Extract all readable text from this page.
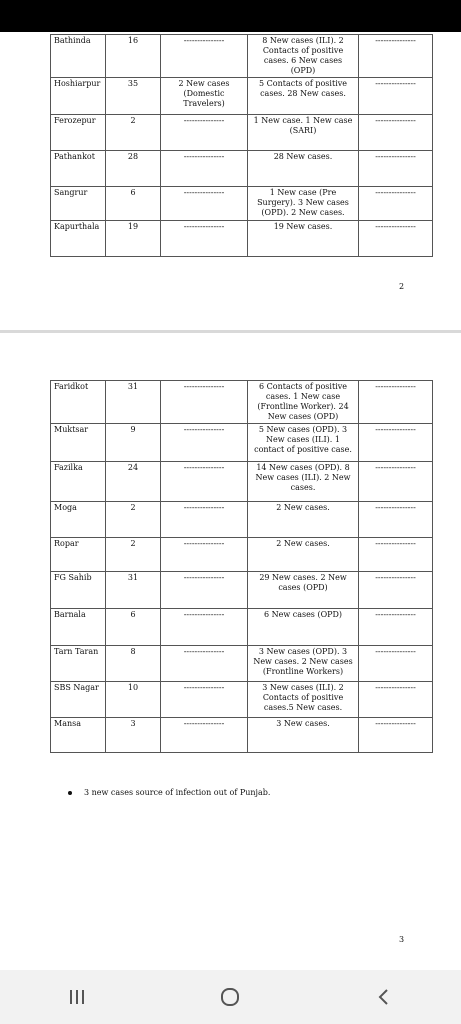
Bathinda	16	---------------	8 New cases (ILI). 2 Contacts of positive cases. 6 New cases (OPD)	---------------
Hoshiarpur	35	2 New cases (Domestic Travelers)	5 Contacts of positive cases. 28 New cases.	---------------
Ferozepur	2	---------------	1 New case. 1 New case (SARI)	---------------
Pathankot	28	---------------	28 New cases.	---------------
Sangrur	6	---------------	1 New case (Pre Surgery). 3 New cases (OPD). 2 New cases.	---------------
Kapurthala	19	---------------	19 New cases.	---------------
2
Faridkot	31	---------------	6 Contacts of positive cases. 1 New case (Frontline Worker). 24 New cases (OPD)	---------------
Muktsar	9	---------------	5 New cases (OPD). 3 New cases (ILI). 1 contact of positive case.	---------------
Fazilka	24	---------------	14 New cases (OPD). 8 New cases (ILI). 2 New cases.	---------------
Moga	2	---------------	2 New cases.	---------------
Ropar	2	---------------	2 New cases.	---------------
FG Sahib	31	---------------	29 New cases. 2 New cases (OPD)	---------------
Barnala	6	---------------	6 New cases (OPD)	---------------
Tarn Taran	8	---------------	3 New cases (OPD). 3 New cases. 2 New cases (Frontline Workers)	---------------
SBS Nagar	10	---------------	3 New cases (ILI). 2 Contacts of positive cases.5 New cases.	---------------
Mansa	3	---------------	3 New cases.	---------------
3 new cases source of infection out of Punjab.
3
